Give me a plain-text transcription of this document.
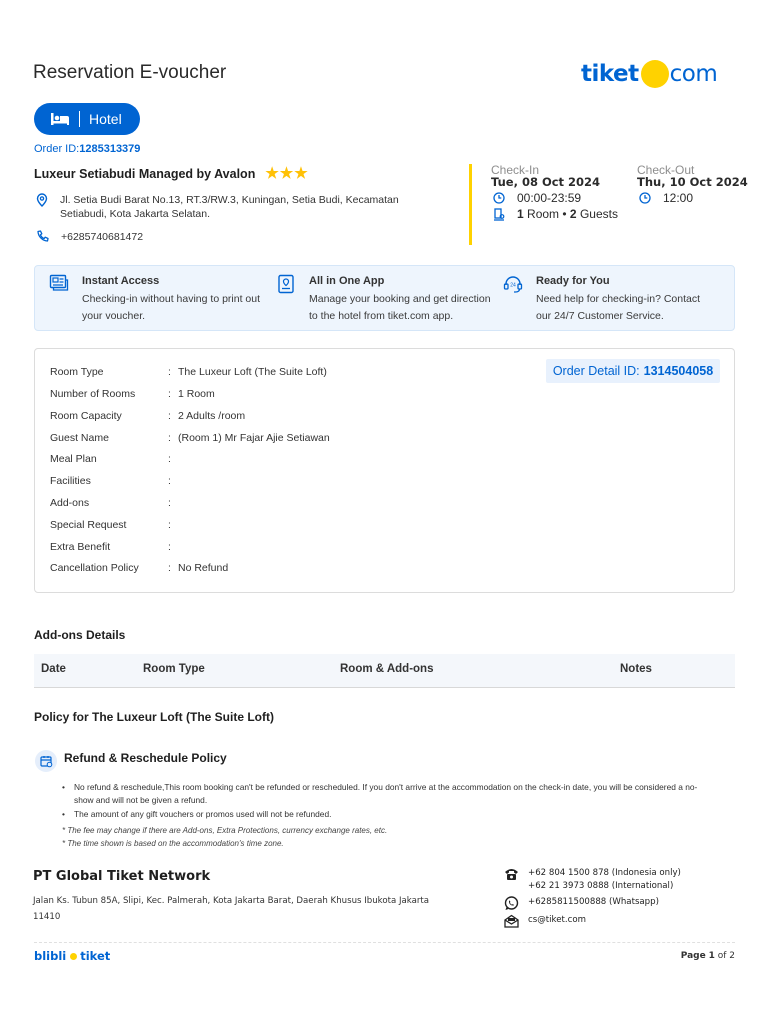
Reservation E-voucher	tiket com
Hotel
Order ID:1285313379
Luxeur Setiabudi Managed by Avalon ★ ★ ★
Jl. Setia Budi Barat No.13, RT.3/RW.3, Kuningan, Setia Budi, Kecamatan
Setiabudi, Kota Jakarta Selatan.
+6285740681472
Check-In
Tue, 08 Oct 2024
00:00-23:59
1 Room • 2 Guests
Check-Out
Thu, 10 Oct 2024
12:00
Instant Access
Checking-in without having to print out
your voucher.
All in One App
Manage your booking and get direction
to the hotel from tiket.com app.
24 Ready for You
Need help for checking-in? Contact
our 24/7 Customer Service.
Order Detail ID: 1314504058
Room Type	: The Luxeur Loft (The Suite Loft)
Number of Rooms	: 1 Room
Room Capacity	: 2 Adults /room
Guest Name	: (Room 1) Mr Fajar Ajie Setiawan
Meal Plan	:
Facilities	:
Add-ons	:
Special Request	:
Extra Benefit	:
Cancellation Policy	: No Refund
Add-ons Details
Date	Room Type	Room & Add-ons	Notes
Policy for The Luxeur Loft (The Suite Loft)
Refund & Reschedule Policy
• No refund & reschedule,This room booking can't be refunded or rescheduled. If you don't arrive at the accommodation on the check-in date, you will be considered a no-show and will not be given a refund.
• The amount of any gift vouchers or promos used will not be refunded.
* The fee may change if there are Add-ons, Extra Protections, currency exchange rates, etc.
* The time shown is based on the accommodation's time zone.
PT Global Tiket Network
Jalan Ks. Tubun 85A, Slipi, Kec. Palmerah, Kota Jakarta Barat, Daerah Khusus Ibukota Jakarta 11410
+62 804 1500 878 (Indonesia only)
+62 21 3973 0888 (International)
+6285811500888 (Whatsapp)
cs@tiket.com
blibli tiket	Page 1 of 2
